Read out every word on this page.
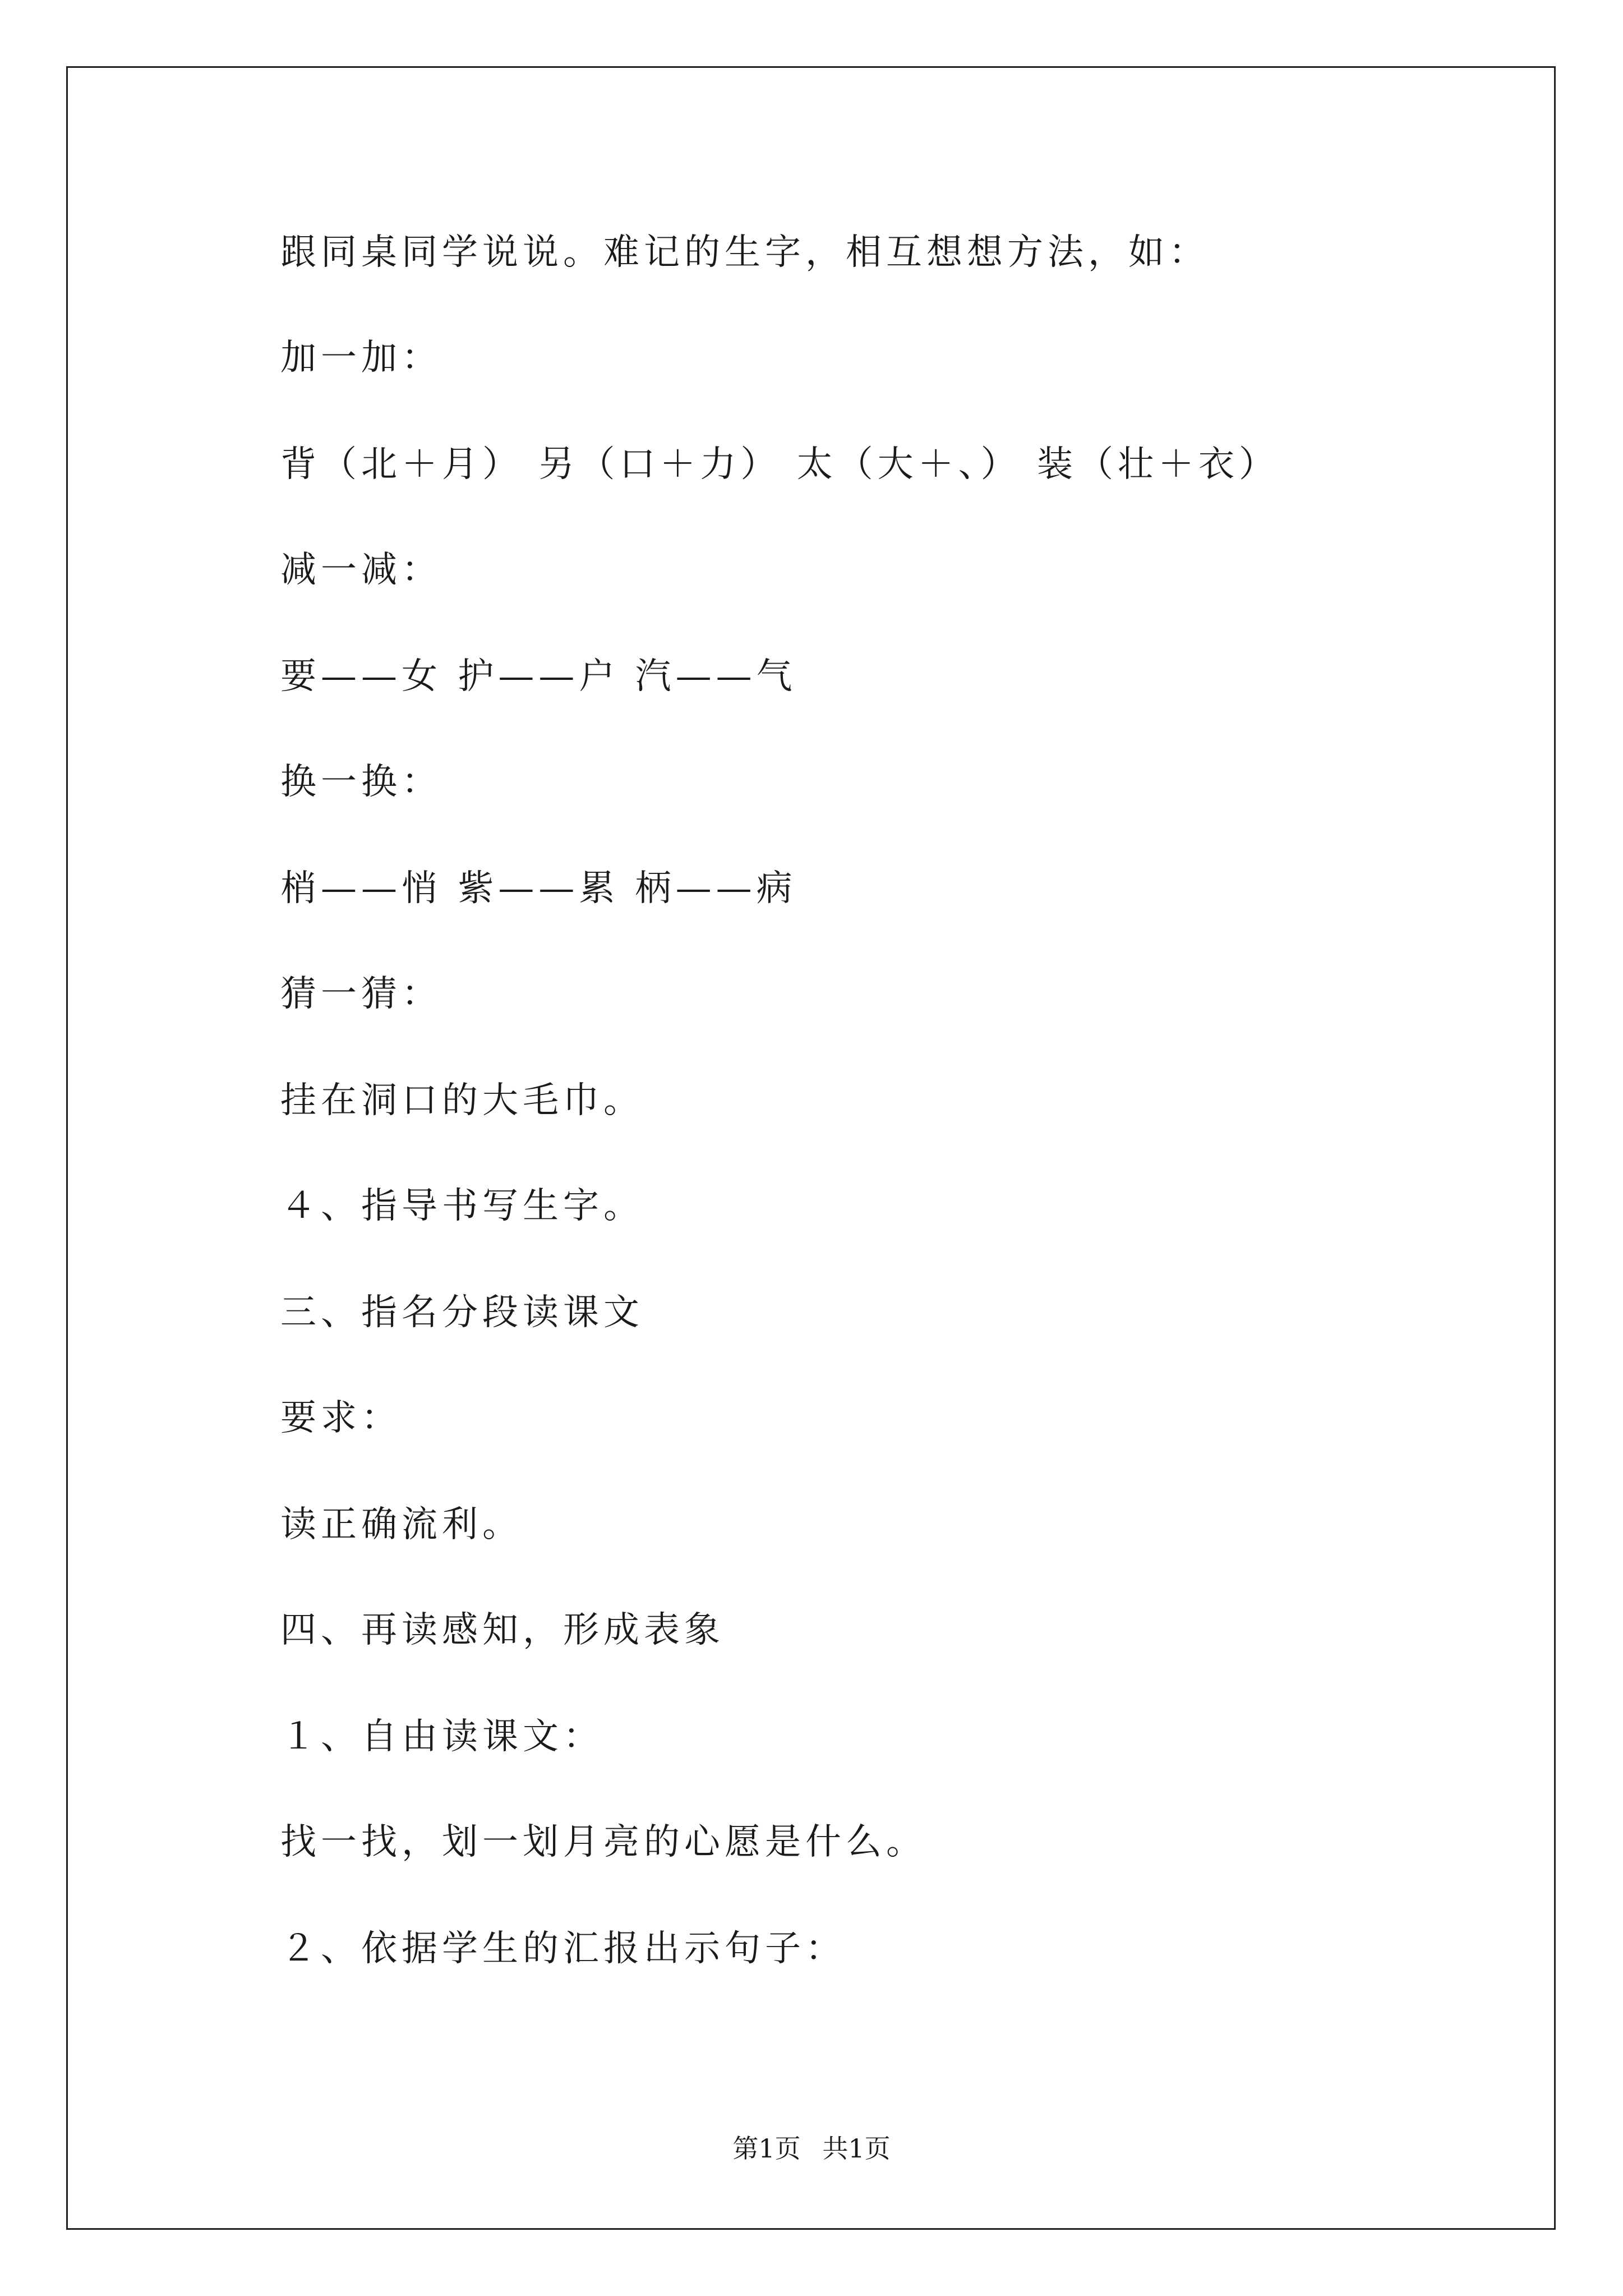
跟同桌同学说说。难记的生字，相互想想方法，如：

加一加：

背（北＋月） 另（口＋力） 太（大＋、） 装（壮＋衣）

减一减：

要——女 护——户 汽——气

换一换：

梢——悄 紫——累 柄——病

猜一猜：

挂在洞口的大毛巾。

４、指导书写生字。

三、指名分段读课文

要求：

读正确流利。

四、再读感知，形成表象

１、自由读课文：

找一找，划一划月亮的心愿是什么。

２、依据学生的汇报出示句子：

第1页 共1页
